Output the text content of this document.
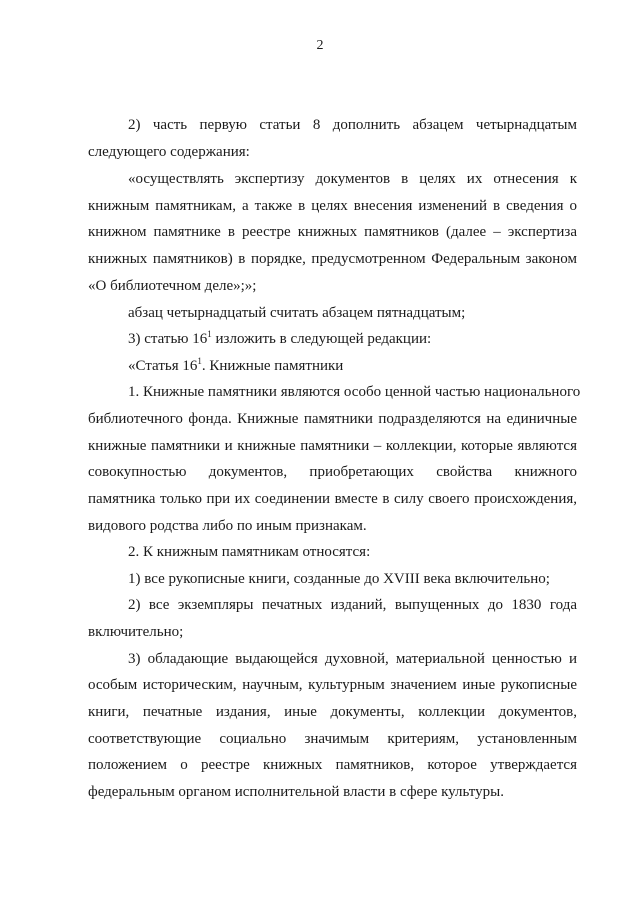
2
2) часть первую статьи 8 дополнить абзацем четырнадцатым
следующего содержания:
«осуществлять экспертизу документов в целях их отнесения к
книжным памятникам, а также в целях внесения изменений в сведения о
книжном памятнике в реестре книжных памятников (далее – экспертиза
книжных памятников) в порядке, предусмотренном Федеральным законом
«О библиотечном деле»;»;
абзац четырнадцатый считать абзацем пятнадцатым;
3) статью $16^1$ изложить в следующей редакции:
«Статья $16^1$. Книжные памятники
1. Книжные памятники являются особо ценной частью национального
библиотечного фонда. Книжные памятники подразделяются на единичные
книжные памятники и книжные памятники – коллекции, которые являются
совокупностью документов, приобретающих свойства книжного
памятника только при их соединении вместе в силу своего происхождения,
видового родства либо по иным признакам.
2. К книжным памятникам относятся:
1) все рукописные книги, созданные до XVIII века включительно;
2) все экземпляры печатных изданий, выпущенных до 1830 года
включительно;
3) обладающие выдающейся духовной, материальной ценностью и
особым историческим, научным, культурным значением иные рукописные
книги, печатные издания, иные документы, коллекции документов,
соответствующие социально значимым критериям, установленным
положением о реестре книжных памятников, которое утверждается
федеральным органом исполнительной власти в сфере культуры.
